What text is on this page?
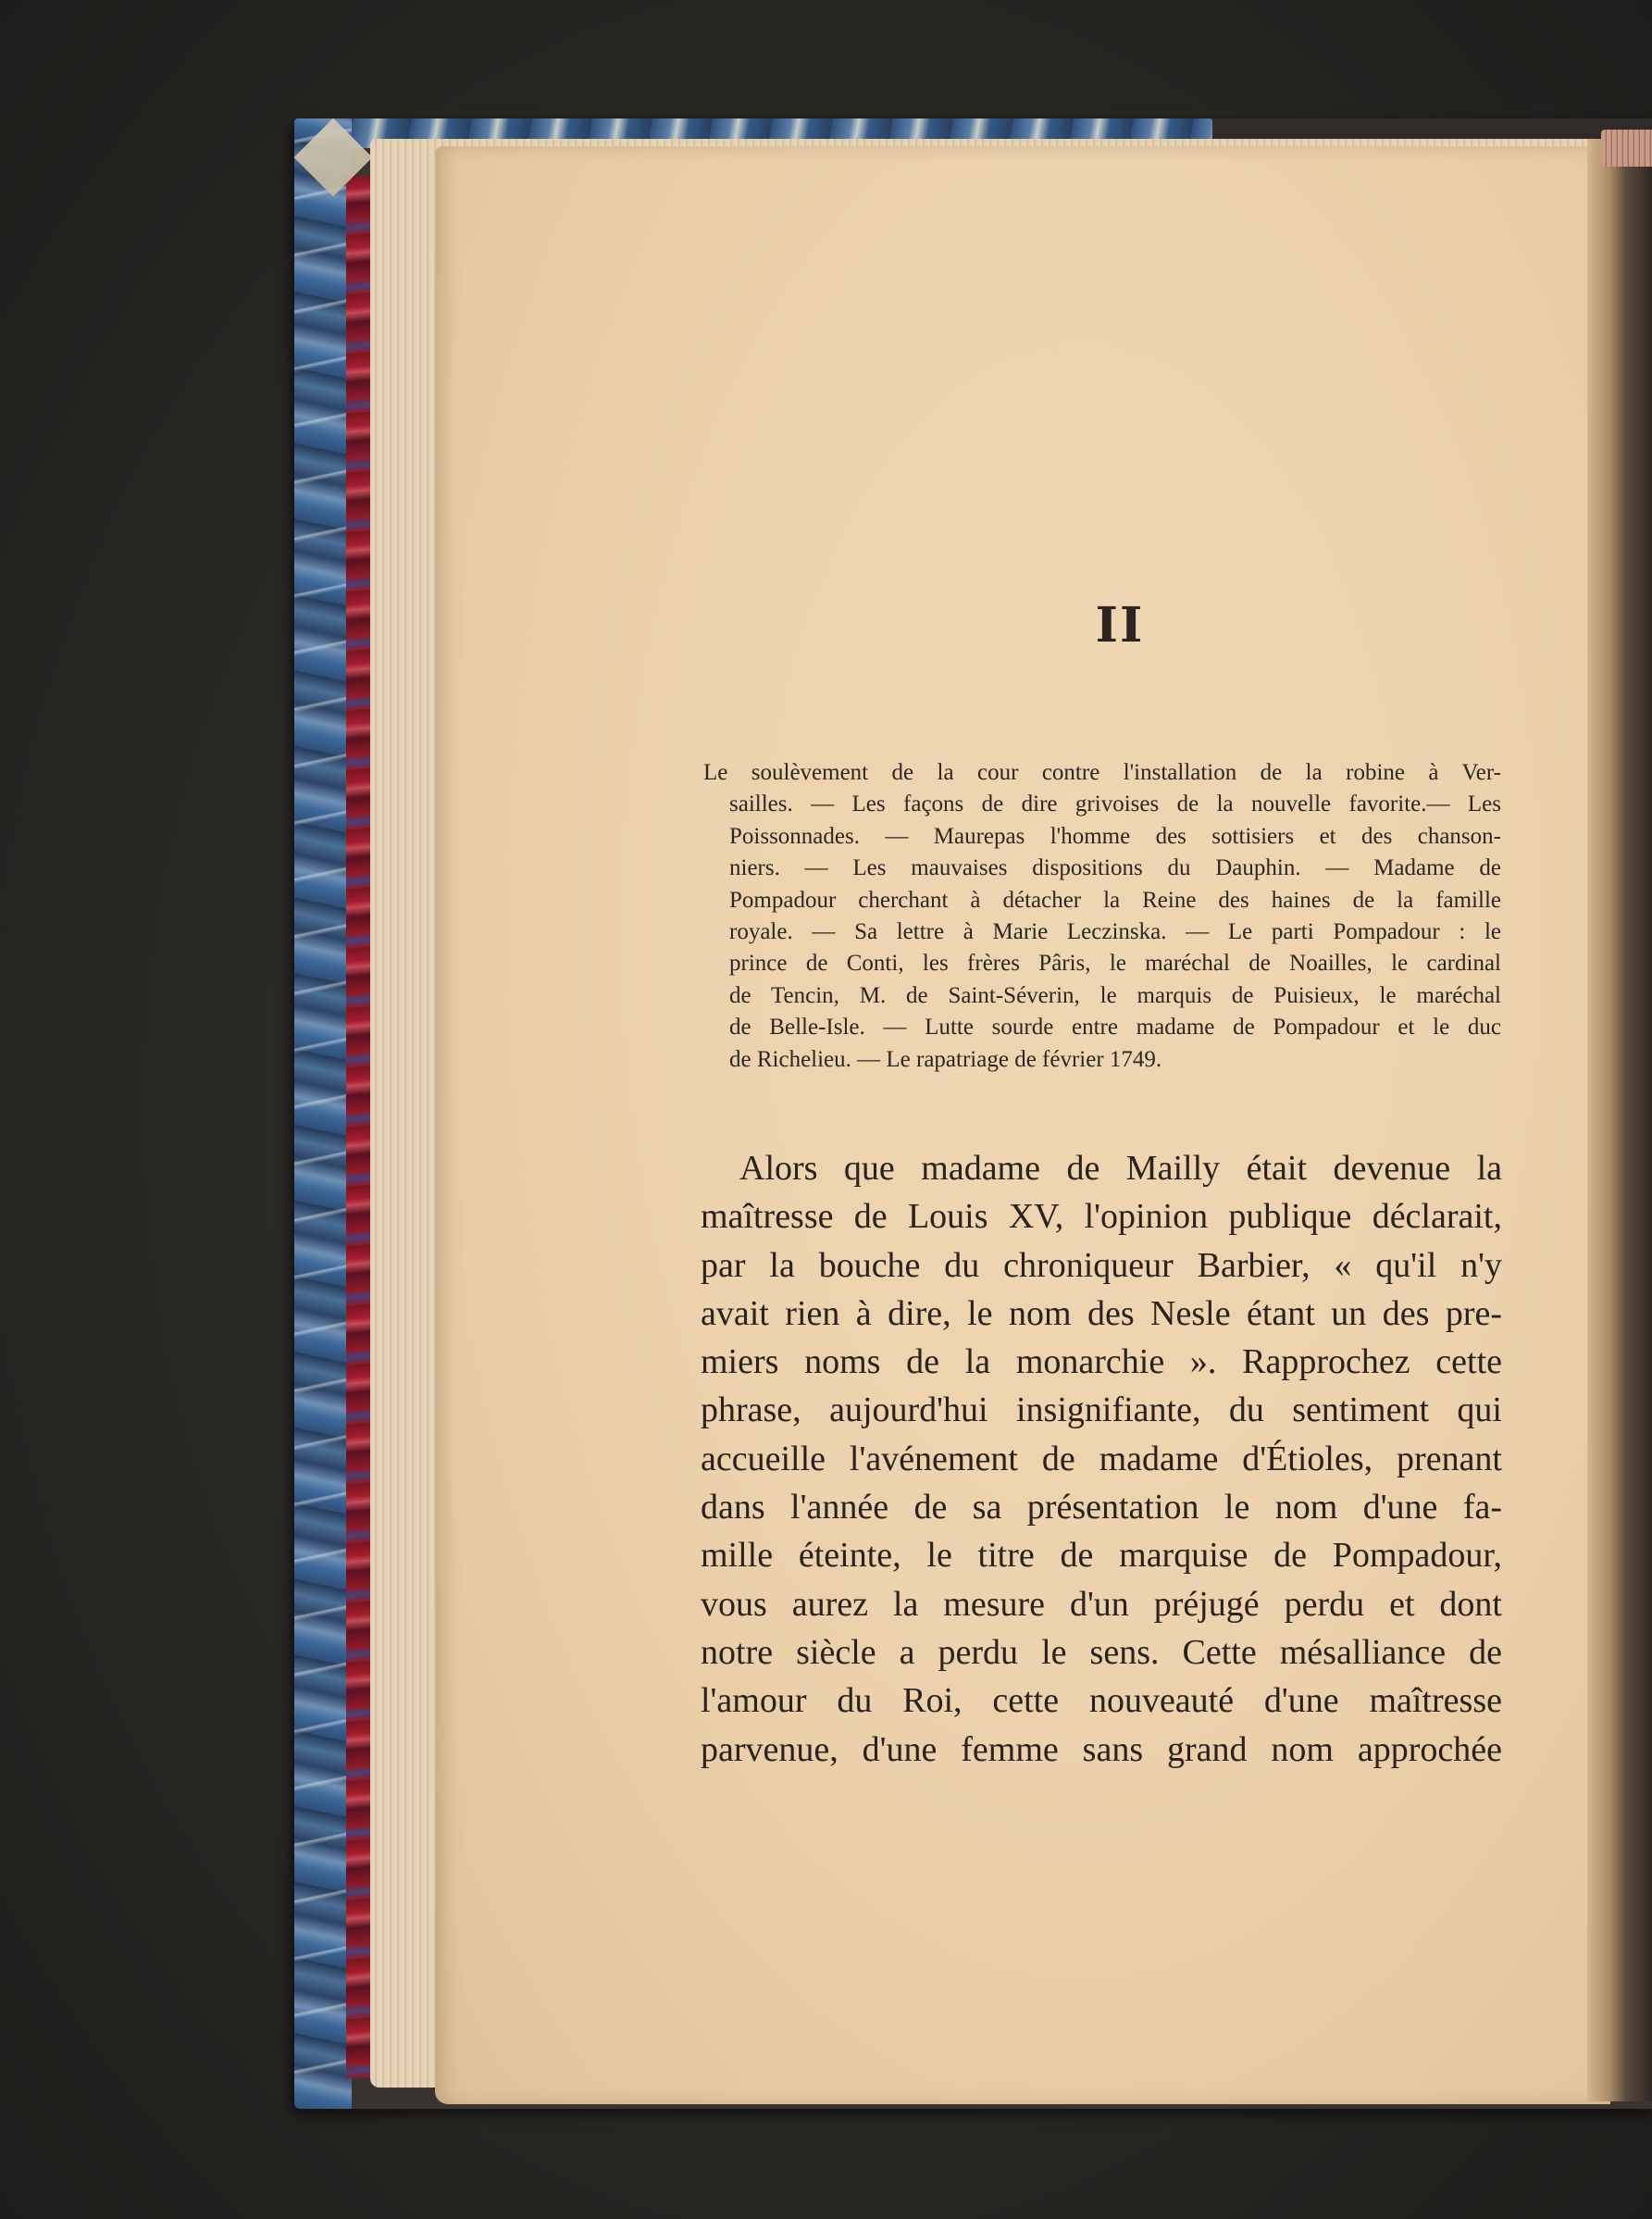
II
Le soulèvement de la cour contre l'installation de la robine à Ver-
sailles. — Les façons de dire grivoises de la nouvelle favorite.— Les
Poissonnades. — Maurepas l'homme des sottisiers et des chanson-
niers. — Les mauvaises dispositions du Dauphin. — Madame de
Pompadour cherchant à détacher la Reine des haines de la famille
royale. — Sa lettre à Marie Leczinska. — Le parti Pompadour : le
prince de Conti, les frères Pâris, le maréchal de Noailles, le cardinal
de Tencin, M. de Saint-Séverin, le marquis de Puisieux, le maréchal
de Belle-Isle. — Lutte sourde entre madame de Pompadour et le duc
de Richelieu. — Le rapatriage de février 1749.
Alors que madame de Mailly était devenue la
maîtresse de Louis XV, l'opinion publique déclarait,
par la bouche du chroniqueur Barbier, « qu'il n'y
avait rien à dire, le nom des Nesle étant un des pre-
miers noms de la monarchie ». Rapprochez cette
phrase, aujourd'hui insignifiante, du sentiment qui
accueille l'avénement de madame d'Étioles, prenant
dans l'année de sa présentation le nom d'une fa-
mille éteinte, le titre de marquise de Pompadour,
vous aurez la mesure d'un préjugé perdu et dont
notre siècle a perdu le sens. Cette mésalliance de
l'amour du Roi, cette nouveauté d'une maîtresse
parvenue, d'une femme sans grand nom approchée
